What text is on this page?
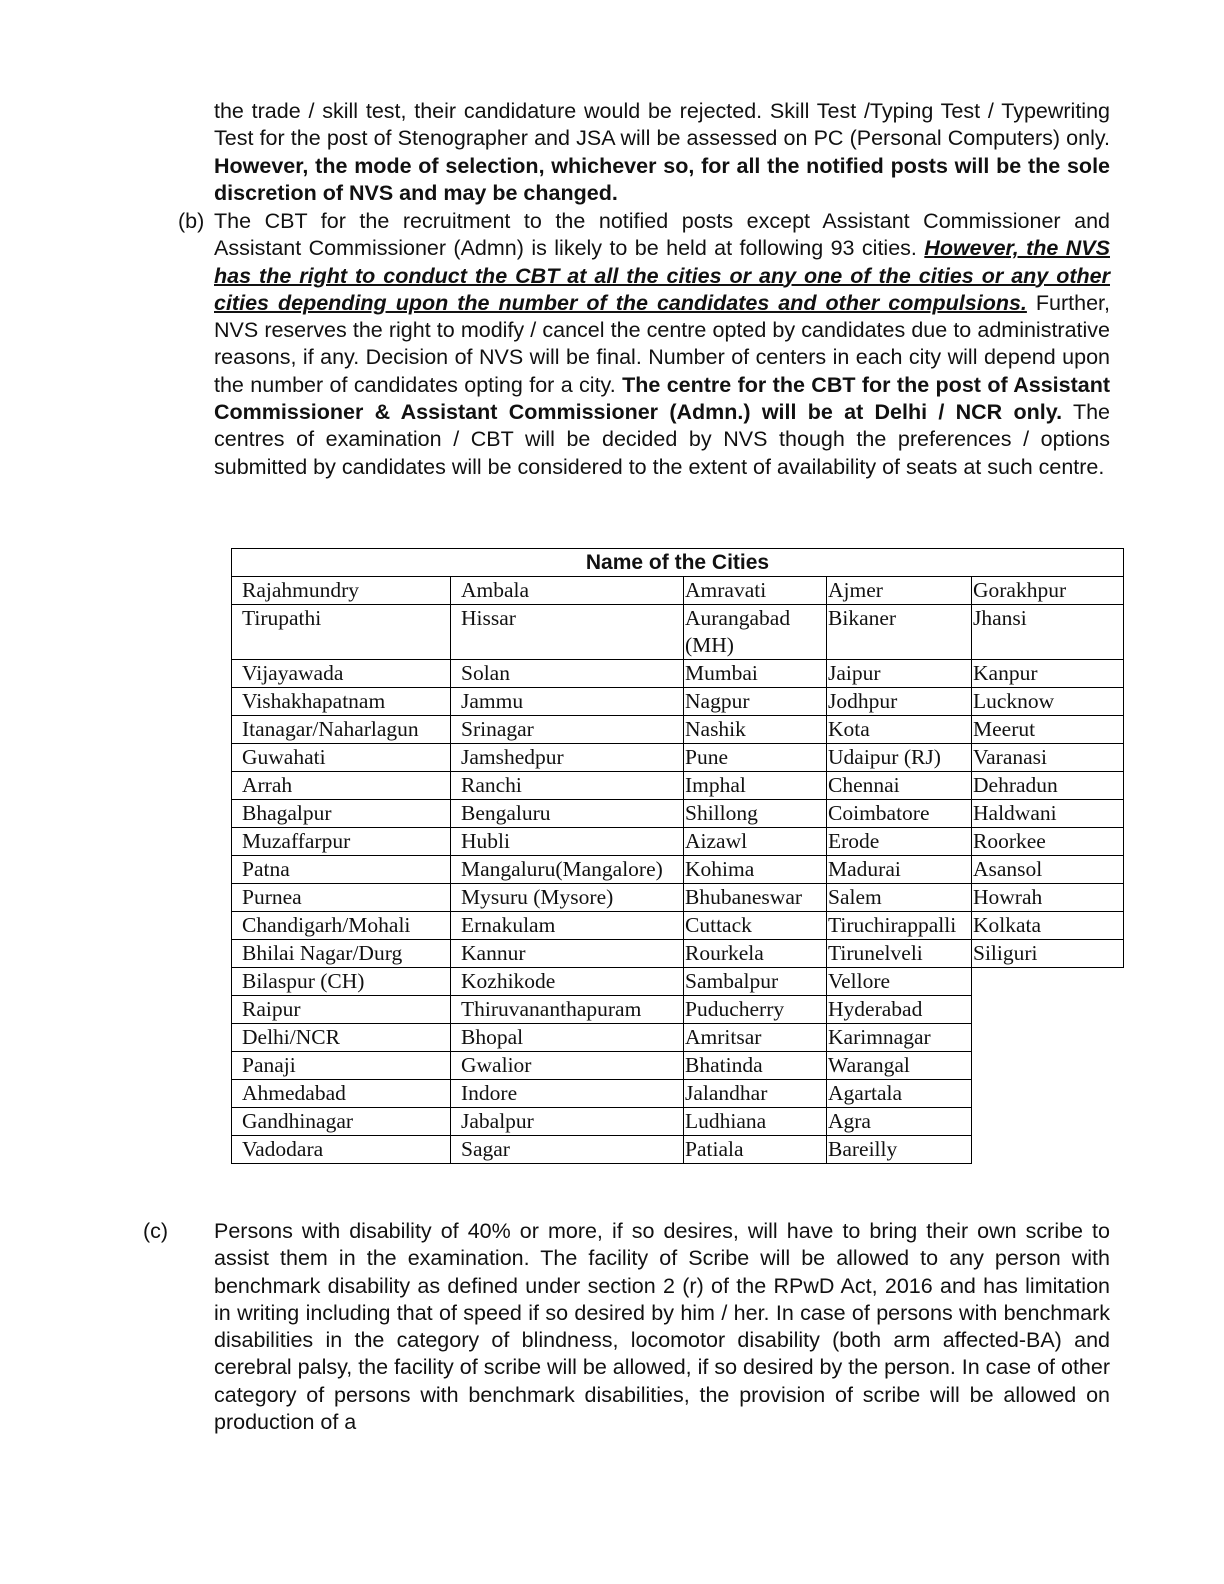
the trade / skill test, their candidature would be rejected. Skill Test /Typing Test / Typewriting Test for the post of Stenographer and JSA will be assessed on PC (Personal Computers) only. However, the mode of selection, whichever so, for all the notified posts will be the sole discretion of NVS and may be changed.
(b) The CBT for the recruitment to the notified posts except Assistant Commissioner and Assistant Commissioner (Admn) is likely to be held at following 93 cities. However, the NVS has the right to conduct the CBT at all the cities or any one of the cities or any other cities depending upon the number of the candidates and other compulsions. Further, NVS reserves the right to modify / cancel the centre opted by candidates due to administrative reasons, if any. Decision of NVS will be final. Number of centers in each city will depend upon the number of candidates opting for a city. The centre for the CBT for the post of Assistant Commissioner & Assistant Commissioner (Admn.) will be at Delhi / NCR only. The centres of examination / CBT will be decided by NVS though the preferences / options submitted by candidates will be considered to the extent of availability of seats at such centre.
Name of the Cities				
Rajahmundry	Ambala	Amravati	Ajmer	Gorakhpur
Tirupathi	Hissar	Aurangabad (MH)	Bikaner	Jhansi
Vijayawada	Solan	Mumbai	Jaipur	Kanpur
Vishakhapatnam	Jammu	Nagpur	Jodhpur	Lucknow
Itanagar/Naharlagun	Srinagar	Nashik	Kota	Meerut
Guwahati	Jamshedpur	Pune	Udaipur (RJ)	Varanasi
Arrah	Ranchi	Imphal	Chennai	Dehradun
Bhagalpur	Bengaluru	Shillong	Coimbatore	Haldwani
Muzaffarpur	Hubli	Aizawl	Erode	Roorkee
Patna	Mangaluru(Mangalore)	Kohima	Madurai	Asansol
Purnea	Mysuru (Mysore)	Bhubaneswar	Salem	Howrah
Chandigarh/Mohali	Ernakulam	Cuttack	Tiruchirappalli	Kolkata
Bhilai Nagar/Durg	Kannur	Rourkela	Tirunelveli	Siliguri
Bilaspur (CH)	Kozhikode	Sambalpur	Vellore	
Raipur	Thiruvananthapuram	Puducherry	Hyderabad	
Delhi/NCR	Bhopal	Amritsar	Karimnagar	
Panaji	Gwalior	Bhatinda	Warangal	
Ahmedabad	Indore	Jalandhar	Agartala	
Gandhinagar	Jabalpur	Ludhiana	Agra	
Vadodara	Sagar	Patiala	Bareilly	
(c) Persons with disability of 40% or more, if so desires, will have to bring their own scribe to assist them in the examination. The facility of Scribe will be allowed to any person with benchmark disability as defined under section 2 (r) of the RPwD Act, 2016 and has limitation in writing including that of speed if so desired by him / her. In case of persons with benchmark disabilities in the category of blindness, locomotor disability (both arm affected-BA) and cerebral palsy, the facility of scribe will be allowed, if so desired by the person. In case of other category of persons with benchmark disabilities, the provision of scribe will be allowed on production of a
